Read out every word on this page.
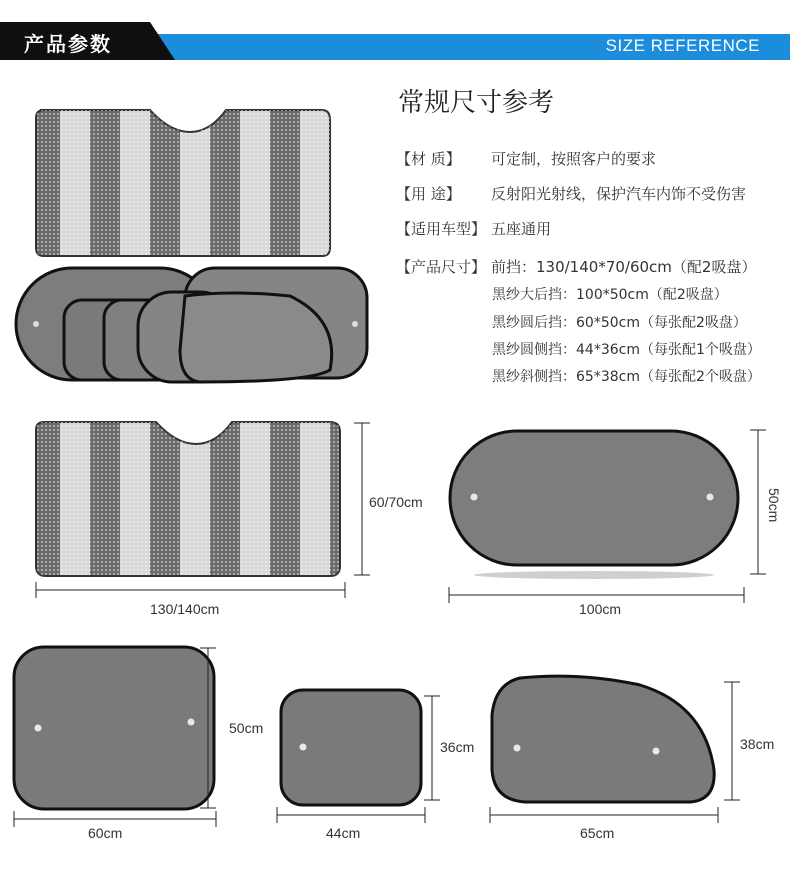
产品参数	SIZE REFERENCE
常规尺寸参考
【材 质】 可定制，按照客户的要求
【用 途】 反射阳光射线，保护汽车内饰不受伤害
【适用车型】 五座通用
【产品尺寸】 前挡：130/140*70/60cm（配2吸盘）
黑纱大后挡：100*50cm（配2吸盘）
黑纱圆后挡：60*50cm（每张配2吸盘）
黑纱圆侧挡：44*36cm（每张配1个吸盘）
黑纱斜侧挡：65*38cm（每张配2个吸盘）
130/140cm
60/70cm
100cm
50cm
60cm
50cm
44cm
36cm
65cm
38cm
